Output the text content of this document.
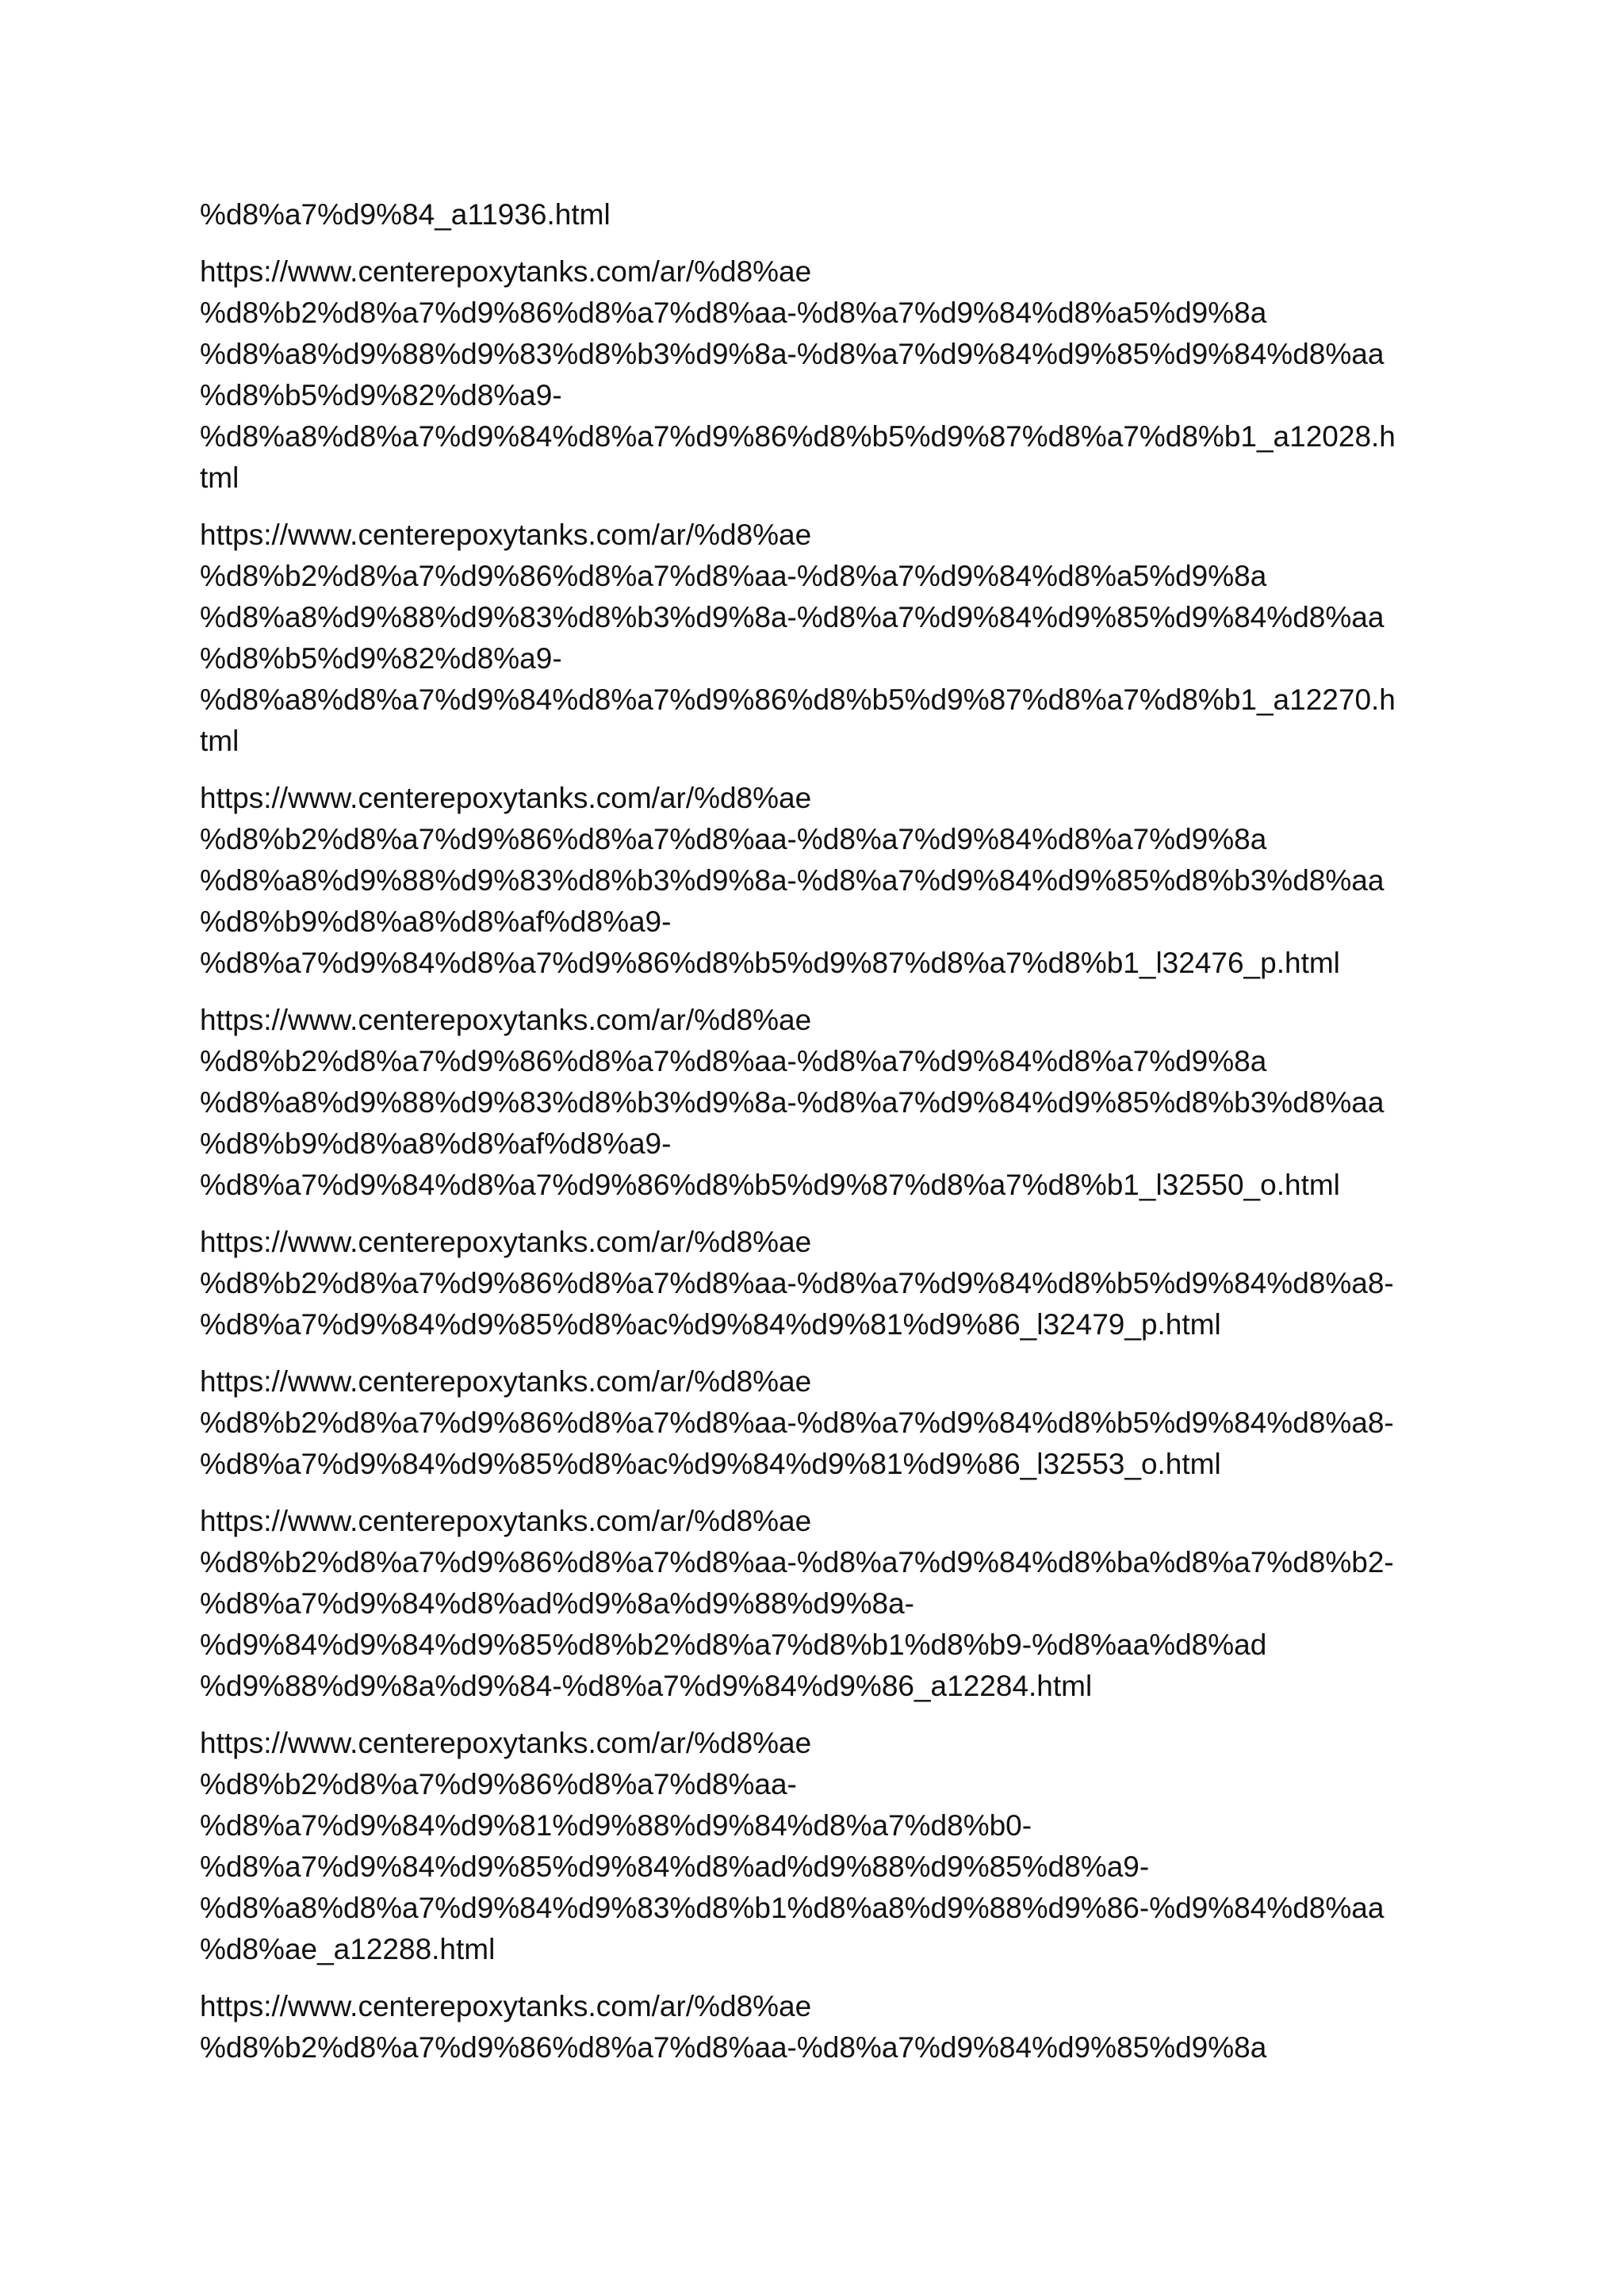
%d8%a7%d9%84_a11936.html
https://www.centerepoxytanks.com/ar/%d8%ae
%d8%b2%d8%a7%d9%86%d8%a7%d8%aa-%d8%a7%d9%84%d8%a5%d9%8a
%d8%a8%d9%88%d9%83%d8%b3%d9%8a-%d8%a7%d9%84%d9%85%d9%84%d8%aa
%d8%b5%d9%82%d8%a9-
%d8%a8%d8%a7%d9%84%d8%a7%d9%86%d8%b5%d9%87%d8%a7%d8%b1_a12028.h
tml
https://www.centerepoxytanks.com/ar/%d8%ae
%d8%b2%d8%a7%d9%86%d8%a7%d8%aa-%d8%a7%d9%84%d8%a5%d9%8a
%d8%a8%d9%88%d9%83%d8%b3%d9%8a-%d8%a7%d9%84%d9%85%d9%84%d8%aa
%d8%b5%d9%82%d8%a9-
%d8%a8%d8%a7%d9%84%d8%a7%d9%86%d8%b5%d9%87%d8%a7%d8%b1_a12270.h
tml
https://www.centerepoxytanks.com/ar/%d8%ae
%d8%b2%d8%a7%d9%86%d8%a7%d8%aa-%d8%a7%d9%84%d8%a7%d9%8a
%d8%a8%d9%88%d9%83%d8%b3%d9%8a-%d8%a7%d9%84%d9%85%d8%b3%d8%aa
%d8%b9%d8%a8%d8%af%d8%a9-
%d8%a7%d9%84%d8%a7%d9%86%d8%b5%d9%87%d8%a7%d8%b1_l32476_p.html
https://www.centerepoxytanks.com/ar/%d8%ae
%d8%b2%d8%a7%d9%86%d8%a7%d8%aa-%d8%a7%d9%84%d8%a7%d9%8a
%d8%a8%d9%88%d9%83%d8%b3%d9%8a-%d8%a7%d9%84%d9%85%d8%b3%d8%aa
%d8%b9%d8%a8%d8%af%d8%a9-
%d8%a7%d9%84%d8%a7%d9%86%d8%b5%d9%87%d8%a7%d8%b1_l32550_o.html
https://www.centerepoxytanks.com/ar/%d8%ae
%d8%b2%d8%a7%d9%86%d8%a7%d8%aa-%d8%a7%d9%84%d8%b5%d9%84%d8%a8-
%d8%a7%d9%84%d9%85%d8%ac%d9%84%d9%81%d9%86_l32479_p.html
https://www.centerepoxytanks.com/ar/%d8%ae
%d8%b2%d8%a7%d9%86%d8%a7%d8%aa-%d8%a7%d9%84%d8%b5%d9%84%d8%a8-
%d8%a7%d9%84%d9%85%d8%ac%d9%84%d9%81%d9%86_l32553_o.html
https://www.centerepoxytanks.com/ar/%d8%ae
%d8%b2%d8%a7%d9%86%d8%a7%d8%aa-%d8%a7%d9%84%d8%ba%d8%a7%d8%b2-
%d8%a7%d9%84%d8%ad%d9%8a%d9%88%d9%8a-
%d9%84%d9%84%d9%85%d8%b2%d8%a7%d8%b1%d8%b9-%d8%aa%d8%ad
%d9%88%d9%8a%d9%84-%d8%a7%d9%84%d9%86_a12284.html
https://www.centerepoxytanks.com/ar/%d8%ae
%d8%b2%d8%a7%d9%86%d8%a7%d8%aa-
%d8%a7%d9%84%d9%81%d9%88%d9%84%d8%a7%d8%b0-
%d8%a7%d9%84%d9%85%d9%84%d8%ad%d9%88%d9%85%d8%a9-
%d8%a8%d8%a7%d9%84%d9%83%d8%b1%d8%a8%d9%88%d9%86-%d9%84%d8%aa
%d8%ae_a12288.html
https://www.centerepoxytanks.com/ar/%d8%ae
%d8%b2%d8%a7%d9%86%d8%a7%d8%aa-%d8%a7%d9%84%d9%85%d9%8a
